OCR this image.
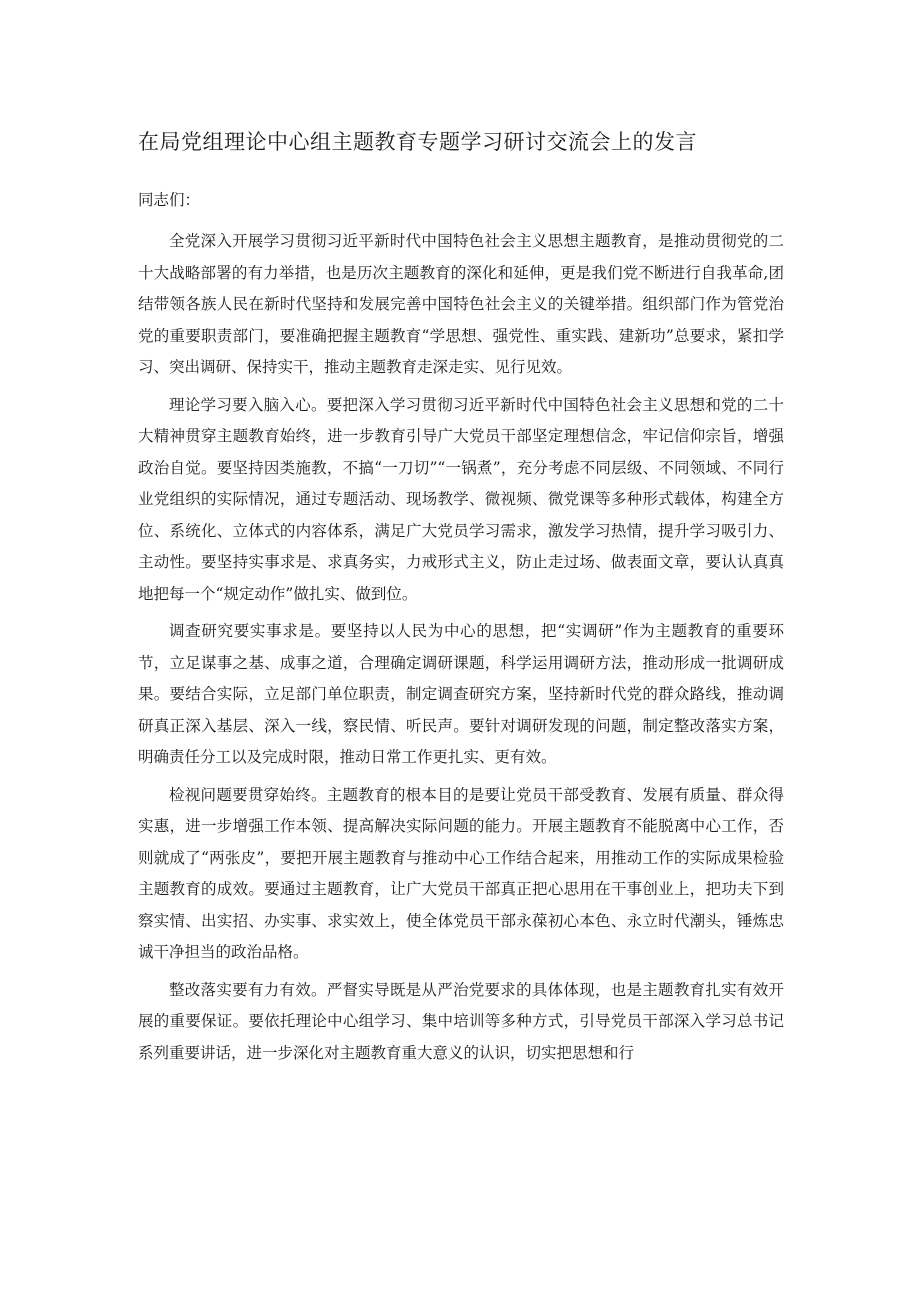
在局党组理论中心组主题教育专题学习研讨交流会上的发言

同志们：

全党深入开展学习贯彻习近平新时代中国特色社会主义思想主题教育，是推动贯彻党的二十大战略部署的有力举措，也是历次主题教育的深化和延伸，更是我们党不断进行自我革命,团结带领各族人民在新时代坚持和发展完善中国特色社会主义的关键举措。组织部门作为管党治党的重要职责部门，要准确把握主题教育“学思想、强党性、重实践、建新功”总要求，紧扣学习、突出调研、保持实干，推动主题教育走深走实、见行见效。

理论学习要入脑入心。要把深入学习贯彻习近平新时代中国特色社会主义思想和党的二十大精神贯穿主题教育始终，进一步教育引导广大党员干部坚定理想信念，牢记信仰宗旨，增强政治自觉。要坚持因类施教，不搞“一刀切”“一锅煮”，充分考虑不同层级、不同领域、不同行业党组织的实际情况，通过专题活动、现场教学、微视频、微党课等多种形式载体，构建全方位、系统化、立体式的内容体系，满足广大党员学习需求，激发学习热情，提升学习吸引力、主动性。要坚持实事求是、求真务实，力戒形式主义，防止走过场、做表面文章，要认认真真地把每一个“规定动作”做扎实、做到位。

调查研究要实事求是。要坚持以人民为中心的思想，把“实调研”作为主题教育的重要环节，立足谋事之基、成事之道，合理确定调研课题，科学运用调研方法，推动形成一批调研成果。要结合实际，立足部门单位职责，制定调查研究方案，坚持新时代党的群众路线，推动调研真正深入基层、深入一线，察民情、听民声。要针对调研发现的问题，制定整改落实方案，明确责任分工以及完成时限，推动日常工作更扎实、更有效。

检视问题要贯穿始终。主题教育的根本目的是要让党员干部受教育、发展有质量、群众得实惠，进一步增强工作本领、提高解决实际问题的能力。开展主题教育不能脱离中心工作，否则就成了“两张皮”，要把开展主题教育与推动中心工作结合起来，用推动工作的实际成果检验主题教育的成效。要通过主题教育，让广大党员干部真正把心思用在干事创业上，把功夫下到察实情、出实招、办实事、求实效上，使全体党员干部永葆初心本色、永立时代潮头，锤炼忠诚干净担当的政治品格。

整改落实要有力有效。严督实导既是从严治党要求的具体体现，也是主题教育扎实有效开展的重要保证。要依托理论中心组学习、集中培训等多种方式，引导党员干部深入学习总书记系列重要讲话，进一步深化对主题教育重大意义的认识，切实把思想和行
